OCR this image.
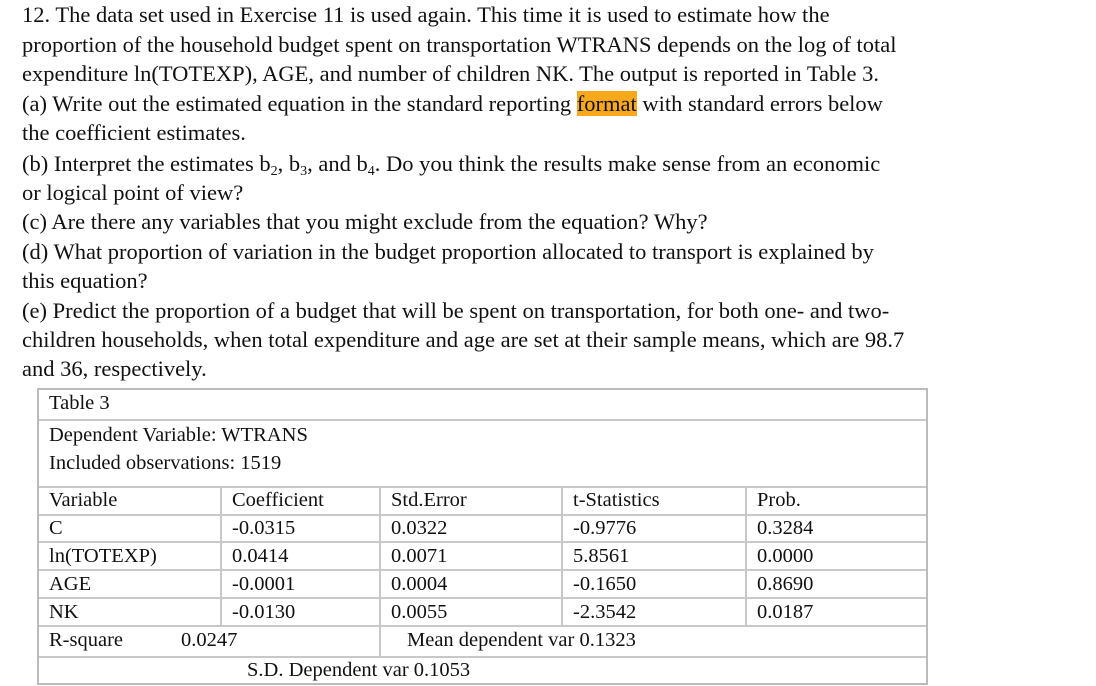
12. The data set used in Exercise 11 is used again. This time it is used to estimate how the
proportion of the household budget spent on transportation WTRANS depends on the log of total
expenditure ln(TOTEXP), AGE, and number of children NK. The output is reported in Table 3.
(a) Write out the estimated equation in the standard reporting format with standard errors below
the coefficient estimates.
(b) Interpret the estimates $b_2$, $b_3$, and $b_4$. Do you think the results make sense from an economic
or logical point of view?
(c) Are there any variables that you might exclude from the equation? Why?
(d) What proportion of variation in the budget proportion allocated to transport is explained by
this equation?
(e) Predict the proportion of a budget that will be spent on transportation, for both one- and two-
children households, when total expenditure and age are set at their sample means, which are 98.7
and 36, respectively.
Table 3
Dependent Variable: WTRANS
Included observations: 1519
Variable	Coefficient	Std.Error	t-Statistics	Prob.
C	-0.0315	0.0322	-0.9776	0.3284
ln(TOTEXP)	0.0414	0.0071	5.8561	0.0000
AGE	-0.0001	0.0004	-0.1650	0.8690
NK	-0.0130	0.0055	-2.3542	0.0187
R-square	0.0247	Mean dependent var 0.1323
S.D. Dependent var 0.1053
